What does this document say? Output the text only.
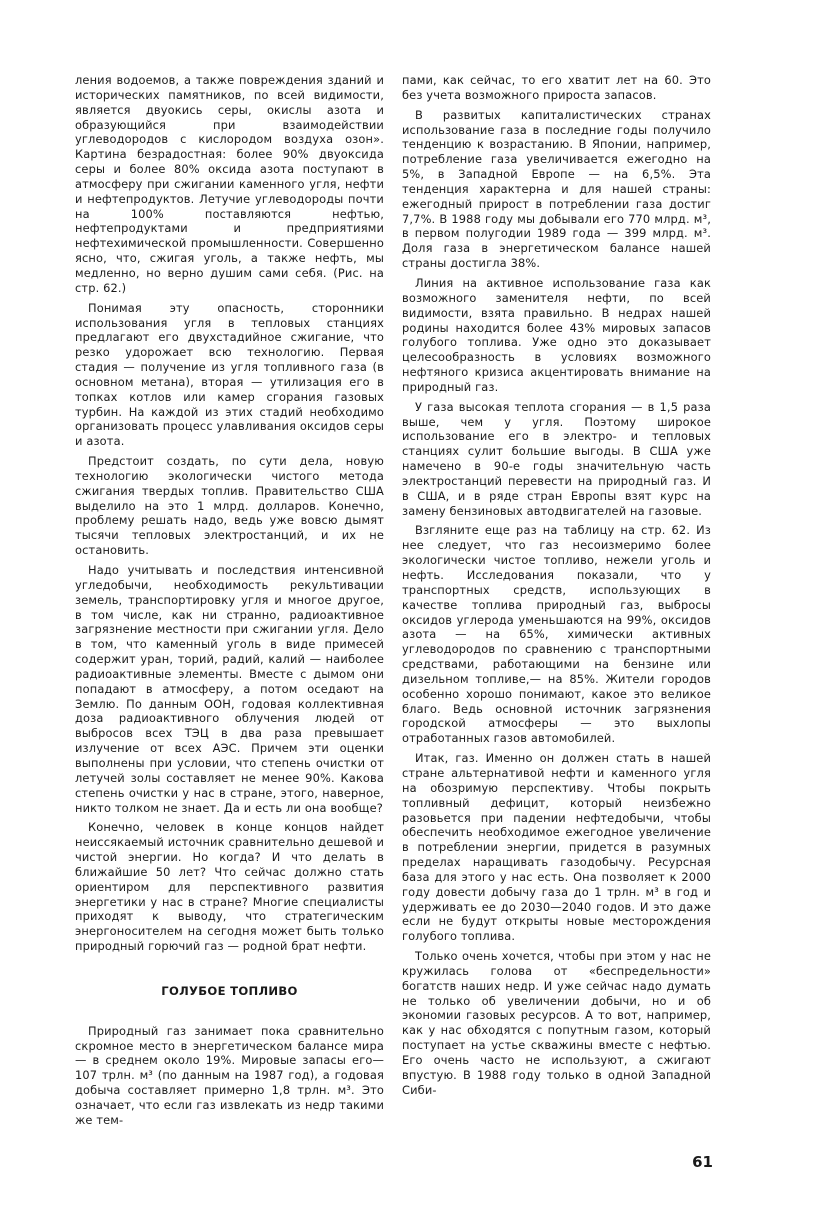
ления водоемов, а также повреждения зданий и исторических памятников, по всей видимости, является двуокись серы, окислы азота и образующийся при взаимодействии углеводородов с кислородом воздуха озон». Картина безрадостная: более 90% двуоксида серы и более 80% оксида азота поступают в атмосферу при сжигании каменного угля, нефти и нефтепродуктов. Летучие углеводороды почти на 100% поставляются нефтью, нефтепродуктами и предприятиями нефтехимической промышленности. Совершенно ясно, что, сжигая уголь, а также нефть, мы медленно, но верно душим сами себя. (Рис. на стр. 62.)

Понимая эту опасность, сторонники использования угля в тепловых станциях предлагают его двухстадийное сжигание, что резко удорожает всю технологию. Первая стадия — получение из угля топливного газа (в основном метана), вторая — утилизация его в топках котлов или камер сгорания газовых турбин. На каждой из этих стадий необходимо организовать процесс улавливания оксидов серы и азота.

Предстоит создать, по сути дела, новую технологию экологически чистого метода сжигания твердых топлив. Правительство США выделило на это 1 млрд. долларов. Конечно, проблему решать надо, ведь уже вовсю дымят тысячи тепловых электростанций, и их не остановить.

Надо учитывать и последствия интенсивной угледобычи, необходимость рекультивации земель, транспортировку угля и многое другое, в том числе, как ни странно, радиоактивное загрязнение местности при сжигании угля. Дело в том, что каменный уголь в виде примесей содержит уран, торий, радий, калий — наиболее радиоактивные элементы. Вместе с дымом они попадают в атмосферу, а потом оседают на Землю. По данным ООН, годовая коллективная доза радиоактивного облучения людей от выбросов всех ТЭЦ в два раза превышает излучение от всех АЭС. Причем эти оценки выполнены при условии, что степень очистки от летучей золы составляет не менее 90%. Какова степень очистки у нас в стране, этого, наверное, никто толком не знает. Да и есть ли она вообще?

Конечно, человек в конце концов найдет неиссякаемый источник сравнительно дешевой и чистой энергии. Но когда? И что делать в ближайшие 50 лет? Что сейчас должно стать ориентиром для перспективного развития энергетики у нас в стране? Многие специалисты приходят к выводу, что стратегическим энергоносителем на сегодня может быть только природный горючий газ — родной брат нефти.

ГОЛУБОЕ ТОПЛИВО

Природный газ занимает пока сравнительно скромное место в энергетическом балансе мира — в среднем около 19%. Мировые запасы его—107 трлн. м³ (по данным на 1987 год), а годовая добыча составляет примерно 1,8 трлн. м³. Это означает, что если газ извлекать из недр такими же тем-

пами, как сейчас, то его хватит лет на 60. Это без учета возможного прироста запасов.

В развитых капиталистических странах использование газа в последние годы получило тенденцию к возрастанию. В Японии, например, потребление газа увеличивается ежегодно на 5%, в Западной Европе — на 6,5%. Эта тенденция характерна и для нашей страны: ежегодный прирост в потреблении газа достиг 7,7%. В 1988 году мы добывали его 770 млрд. м³, в первом полугодии 1989 года — 399 млрд. м³. Доля газа в энергетическом балансе нашей страны достигла 38%.

Линия на активное использование газа как возможного заменителя нефти, по всей видимости, взята правильно. В недрах нашей родины находится более 43% мировых запасов голубого топлива. Уже одно это доказывает целесообразность в условиях возможного нефтяного кризиса акцентировать внимание на природный газ.

У газа высокая теплота сгорания — в 1,5 раза выше, чем у угля. Поэтому широкое использование его в электро- и тепловых станциях сулит большие выгоды. В США уже намечено в 90-е годы значительную часть электростанций перевести на природный газ. И в США, и в ряде стран Европы взят курс на замену бензиновых автодвигателей на газовые.

Взгляните еще раз на таблицу на стр. 62. Из нее следует, что газ несоизмеримо более экологически чистое топливо, нежели уголь и нефть. Исследования показали, что у транспортных средств, использующих в качестве топлива природный газ, выбросы оксидов углерода уменьшаются на 99%, оксидов азота — на 65%, химически активных углеводородов по сравнению с транспортными средствами, работающими на бензине или дизельном топливе,— на 85%. Жители городов особенно хорошо понимают, какое это великое благо. Ведь основной источник загрязнения городской атмосферы — это выхлопы отработанных газов автомобилей.

Итак, газ. Именно он должен стать в нашей стране альтернативой нефти и каменного угля на обозримую перспективу. Чтобы покрыть топливный дефицит, который неизбежно разовьется при падении нефтедобычи, чтобы обеспечить необходимое ежегодное увеличение в потреблении энергии, придется в разумных пределах наращивать газодобычу. Ресурсная база для этого у нас есть. Она позволяет к 2000 году довести добычу газа до 1 трлн. м³ в год и удерживать ее до 2030—2040 годов. И это даже если не будут открыты новые месторождения голубого топлива.

Только очень хочется, чтобы при этом у нас не кружилась голова от «беспредельности» богатств наших недр. И уже сейчас надо думать не только об увеличении добычи, но и об экономии газовых ресурсов. А то вот, например, как у нас обходятся с попутным газом, который поступает на устье скважины вместе с нефтью. Его очень часто не используют, а сжигают впустую. В 1988 году только в одной Западной Сиби-

61
